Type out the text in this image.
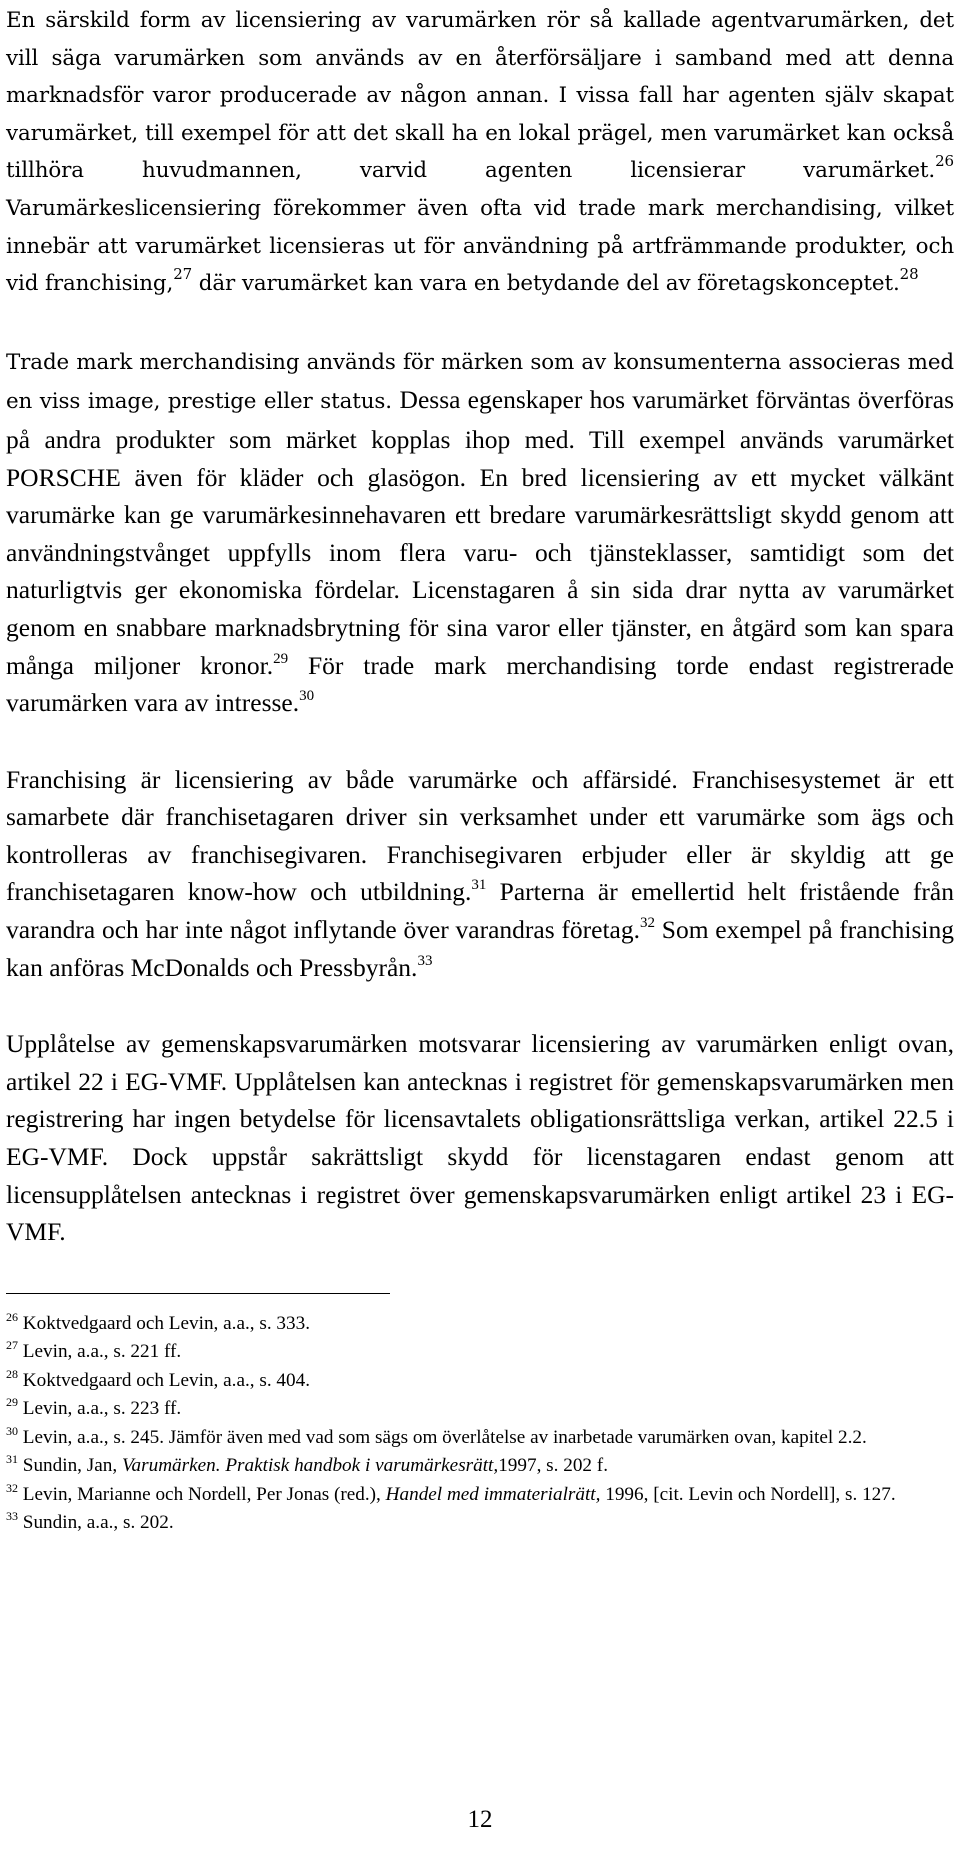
En särskild form av licensiering av varumärken rör så kallade agentvarumärken, det vill säga varumärken som används av en återförsäljare i samband med att denna marknadsför varor producerade av någon annan. I vissa fall har agenten själv skapat varumärket, till exempel för att det skall ha en lokal prägel, men varumärket kan också tillhöra huvudmannen, varvid agenten licensierar varumärket.$^{26}$ Varumärkeslicensiering förekommer även ofta vid trade mark merchandising, vilket innebär att varumärket licensieras ut för användning på artfrämmande produkter, och vid franchising,$^{27}$ där varumärket kan vara en betydande del av företagskonceptet.$^{28}$

Trade mark merchandising används för märken som av konsumenterna associeras med en viss image, prestige eller status. Dessa egenskaper hos varumärket förväntas överföras på andra produkter som märket kopplas ihop med. Till exempel används varumärket PORSCHE även för kläder och glasögon. En bred licensiering av ett mycket välkänt varumärke kan ge varumärkesinnehavaren ett bredare varumärkesrättsligt skydd genom att användningstvånget uppfylls inom flera varu- och tjänsteklasser, samtidigt som det naturligtvis ger ekonomiska fördelar. Licenstagaren å sin sida drar nytta av varumärket genom en snabbare marknadsbrytning för sina varor eller tjänster, en åtgärd som kan spara många miljoner kronor.$^{29}$ För trade mark merchandising torde endast registrerade varumärken vara av intresse.$^{30}$

Franchising är licensiering av både varumärke och affärsidé. Franchisesystemet är ett samarbete där franchisetagaren driver sin verksamhet under ett varumärke som ägs och kontrolleras av franchisegivaren. Franchisegivaren erbjuder eller är skyldig att ge franchisetagaren know-how och utbildning.$^{31}$ Parterna är emellertid helt fristående från varandra och har inte något inflytande över varandras företag.$^{32}$ Som exempel på franchising kan anföras McDonalds och Pressbyrån.$^{33}$

Upplåtelse av gemenskapsvarumärken motsvarar licensiering av varumärken enligt ovan, artikel 22 i EG-VMF. Upplåtelsen kan antecknas i registret för gemenskapsvarumärken men registrering har ingen betydelse för licensavtalets obligationsrättsliga verkan, artikel 22.5 i EG-VMF. Dock uppstår sakrättsligt skydd för licenstagaren endast genom att licensupplåtelsen antecknas i registret över gemenskapsvarumärken enligt artikel 23 i EG-VMF.

$^{26}$ Koktvedgaard och Levin, a.a., s. 333.

$^{27}$ Levin, a.a., s. 221 ff.

$^{28}$ Koktvedgaard och Levin, a.a., s. 404.

$^{29}$ Levin, a.a., s. 223 ff.

$^{30}$ Levin, a.a., s. 245. Jämför även med vad som sägs om överlåtelse av inarbetade varumärken ovan, kapitel 2.2.

$^{31}$ Sundin, Jan, Varumärken. Praktisk handbok i varumärkesrätt,1997, s. 202 f.

$^{32}$ Levin, Marianne och Nordell, Per Jonas (red.), Handel med immaterialrätt, 1996, [cit. Levin och Nordell], s. 127.

$^{33}$ Sundin, a.a., s. 202.

12
